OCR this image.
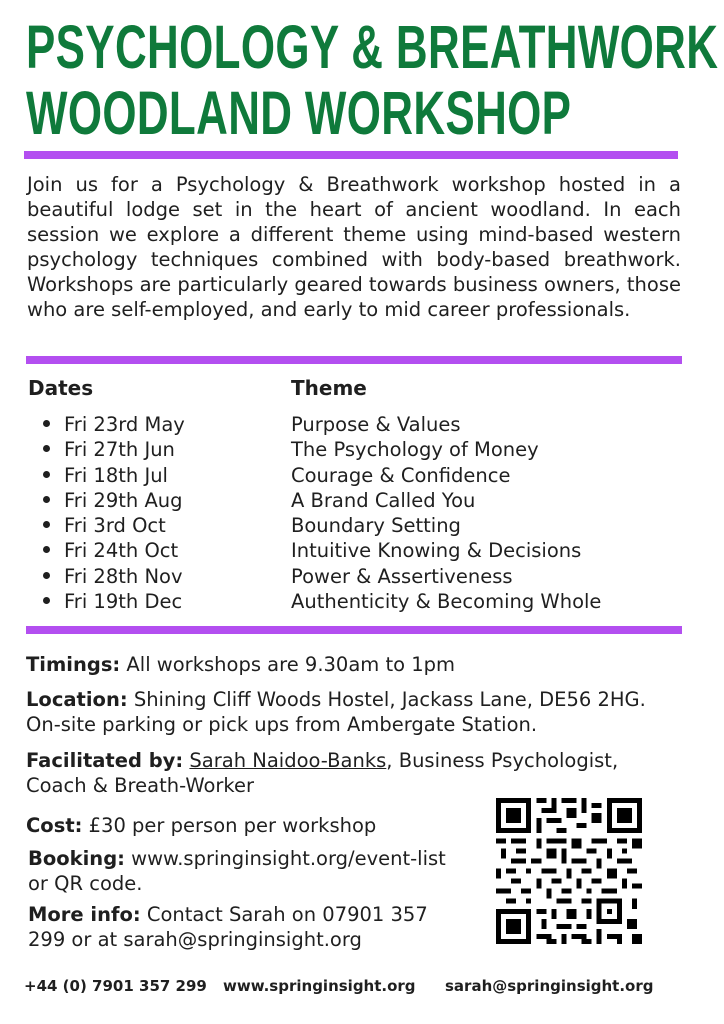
PSYCHOLOGY & BREATHWORK
WOODLAND WORKSHOP

Join us for a Psychology & Breathwork workshop hosted in a beautiful lodge set in the heart of ancient woodland. In each session we explore a different theme using mind-based western psychology techniques combined with body-based breathwork. Workshops are particularly geared towards business owners, those who are self-employed, and early to mid career professionals.

Dates	Theme
Fri 23rd May
Fri 27th Jun
Fri 18th Jul
Fri 29th Aug
Fri 3rd Oct
Fri 24th Oct
Fri 28th Nov
Fri 19th Dec
Purpose & Values
The Psychology of Money
Courage & Confidence
A Brand Called You
Boundary Setting
Intuitive Knowing & Decisions
Power & Assertiveness
Authenticity & Becoming Whole

Timings: All workshops are 9.30am to 1pm

Location: Shining Cliff Woods Hostel, Jackass Lane, DE56 2HG.
On-site parking or pick ups from Ambergate Station.

Facilitated by: Sarah Naidoo-Banks, Business Psychologist,
Coach & Breath-Worker

Cost: £30 per person per workshop

Booking: www.springinsight.org/event-list
or QR code.

More info: Contact Sarah on 07901 357
299 or at sarah@springinsight.org

+44 (0) 7901 357 299 www.springinsight.org sarah@springinsight.org
